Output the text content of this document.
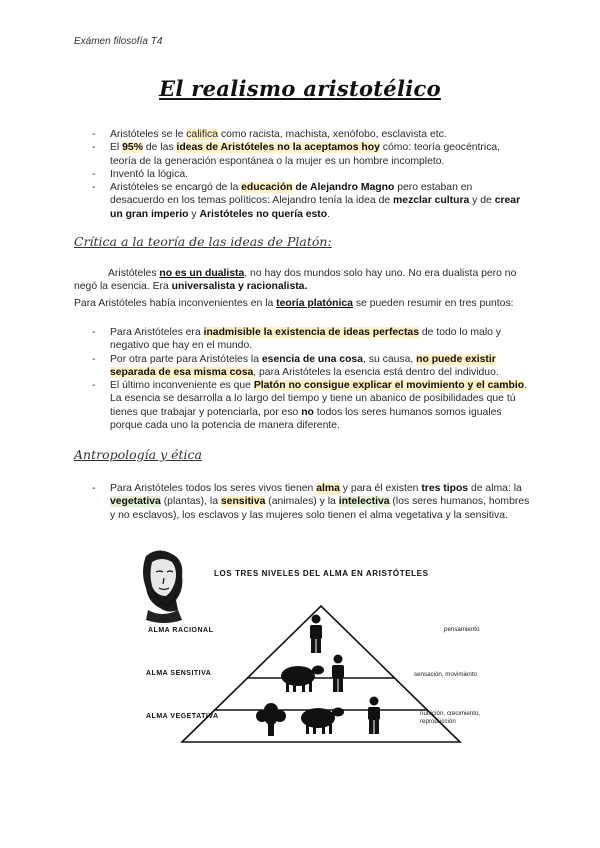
Exámen filosofía T4
El realismo aristotélico
- Aristóteles se le califica como racista, machista, xenófobo, esclavista etc.
- El 95% de las ideas de Aristóteles no la aceptamos hoy cómo: teoría geocéntrica, teoría de la generación espontánea o la mujer es un hombre incompleto.
- Inventó la lógica.
- Aristóteles se encargó de la educación de Alejandro Magno pero estaban en desacuerdo en los temas políticos: Alejandro tenía la idea de mezclar cultura y de crear un gran imperio y Aristóteles no quería esto.
Crítica a la teoría de las ideas de Platón:
Aristóteles no es un dualista, no hay dos mundos solo hay uno. No era dualista pero no negó la esencia. Era universalista y racionalista.
Para Aristóteles había inconvenientes en la teoría platónica se pueden resumir en tres puntos:
- Para Aristóteles era inadmisible la existencia de ideas perfectas de todo lo malo y negativo que hay en el mundo.
- Por otra parte para Aristóteles la esencia de una cosa, su causa, no puede existir separada de esa misma cosa, para Aristóteles la esencia está dentro del individuo.
- El último inconveniente es que Platón no consigue explicar el movimiento y el cambio. La esencia se desarrolla a lo largo del tiempo y tiene un abanico de posibilidades que tú tienes que trabajar y potenciarla, por eso no todos los seres humanos somos iguales porque cada uno la potencia de manera diferente.
Antropología y ética
- Para Aristóteles todos los seres vivos tienen alma y para él existen tres tipos de alma: la vegetativa (plantas), la sensitiva (animales) y la intelectiva (los seres humanos, hombres y no esclavos), los esclavos y las mujeres solo tienen el alma vegetativa y la sensitiva.
LOS TRES NIVELES DEL ALMA EN ARISTÓTELES
ALMA RACIONAL
ALMA SENSITIVA
ALMA VEGETATIVA
pensamiento
sensación, movimiento
nutrición, crecimiento, reproducción
